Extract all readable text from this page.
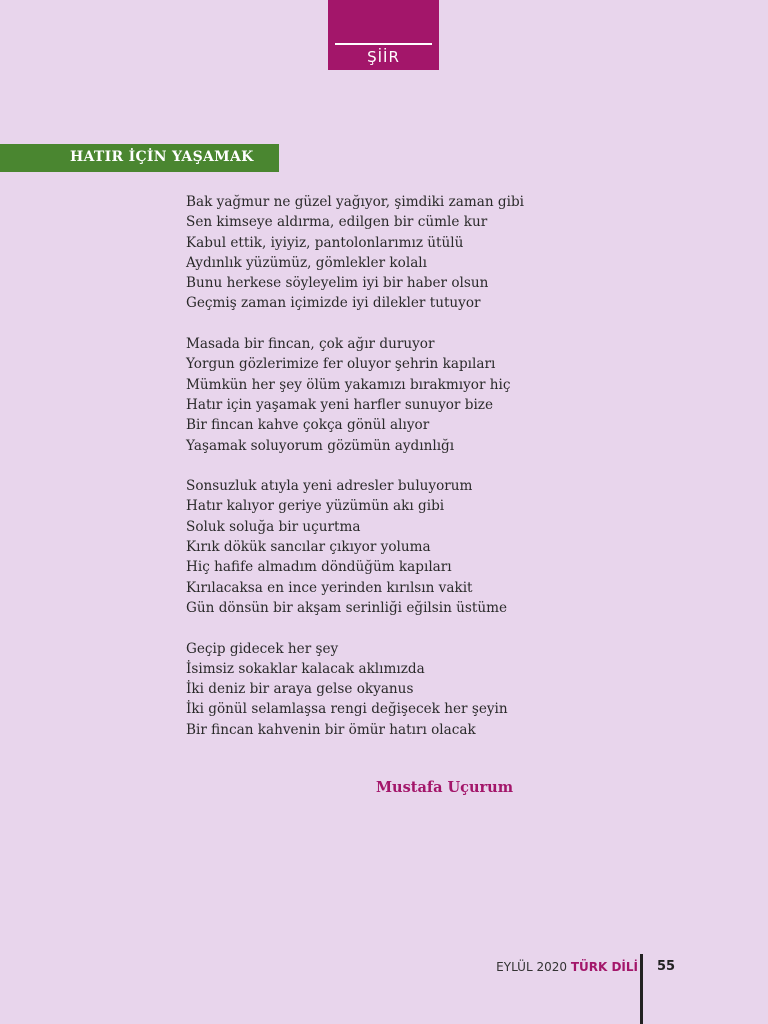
ŞİİR
HATIR İÇİN YAŞAMAK
Bak yağmur ne güzel yağıyor, şimdiki zaman gibi
Sen kimseye aldırma, edilgen bir cümle kur
Kabul ettik, iyiyiz, pantolonlarımız ütülü
Aydınlık yüzümüz, gömlekler kolalı
Bunu herkese söyleyelim iyi bir haber olsun
Geçmiş zaman içimizde iyi dilekler tutuyor
Masada bir fincan, çok ağır duruyor
Yorgun gözlerimize fer oluyor şehrin kapıları
Mümkün her şey ölüm yakamızı bırakmıyor hiç
Hatır için yaşamak yeni harfler sunuyor bize
Bir fincan kahve çokça gönül alıyor
Yaşamak soluyorum gözümün aydınlığı
Sonsuzluk atıyla yeni adresler buluyorum
Hatır kalıyor geriye yüzümün akı gibi
Soluk soluğa bir uçurtma
Kırık dökük sancılar çıkıyor yoluma
Hiç hafife almadım döndüğüm kapıları
Kırılacaksa en ince yerinden kırılsın vakit
Gün dönsün bir akşam serinliği eğilsin üstüme
Geçip gidecek her şey
İsimsiz sokaklar kalacak aklımızda
İki deniz bir araya gelse okyanus
İki gönül selamlaşsa rengi değişecek her şeyin
Bir fincan kahvenin bir ömür hatırı olacak
Mustafa Uçurum
EYLÜL 2020 TÜRK DİLİ 55
